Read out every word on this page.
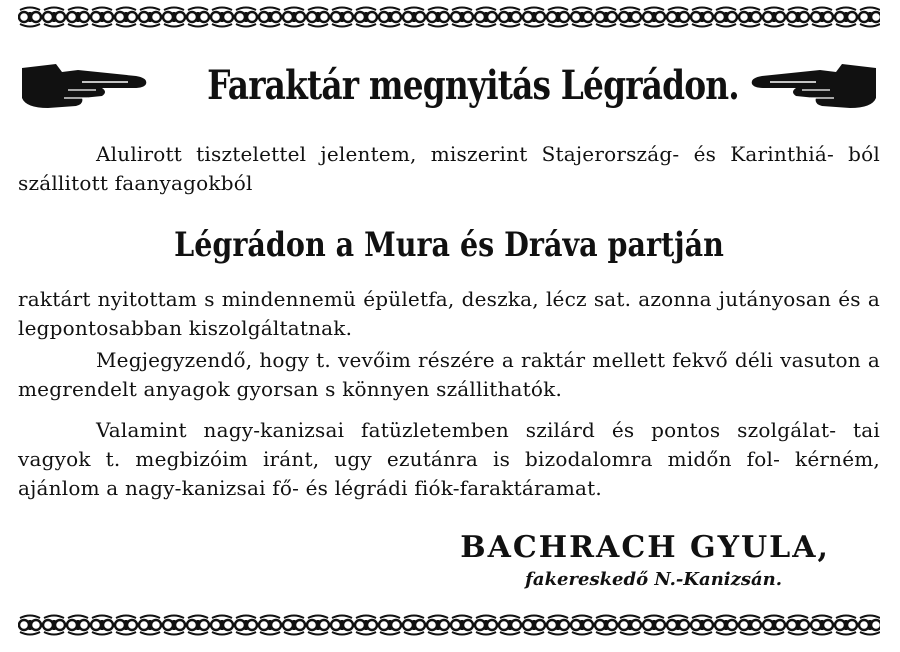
Faraktár megnyitás Légrádon.
Alulirott tisztelettel jelentem, miszerint Stajerország- és Karinthiá- ból szállitott faanyagokból
Légrádon a Mura és Dráva partján
raktárt nyitottam s mindennemü épületfa, deszka, lécz sat. azonna jutányosan és a legpontosabban kiszolgáltatnak.
Megjegyzendő, hogy t. vevőim részére a raktár mellett fekvő déli vasuton a megrendelt anyagok gyorsan s könnyen szállithatók.
Valamint nagy-kanizsai fatüzletemben szilárd és pontos szolgálat- tai vagyok t. megbizóim iránt, ugy ezutánra is bizodalomra midőn fol- kérném, ajánlom a nagy-kanizsai fő- és légrádi fiók-faraktáramat.
BACHRACH GYULA,
fakereskedő N.-Kanizsán.
